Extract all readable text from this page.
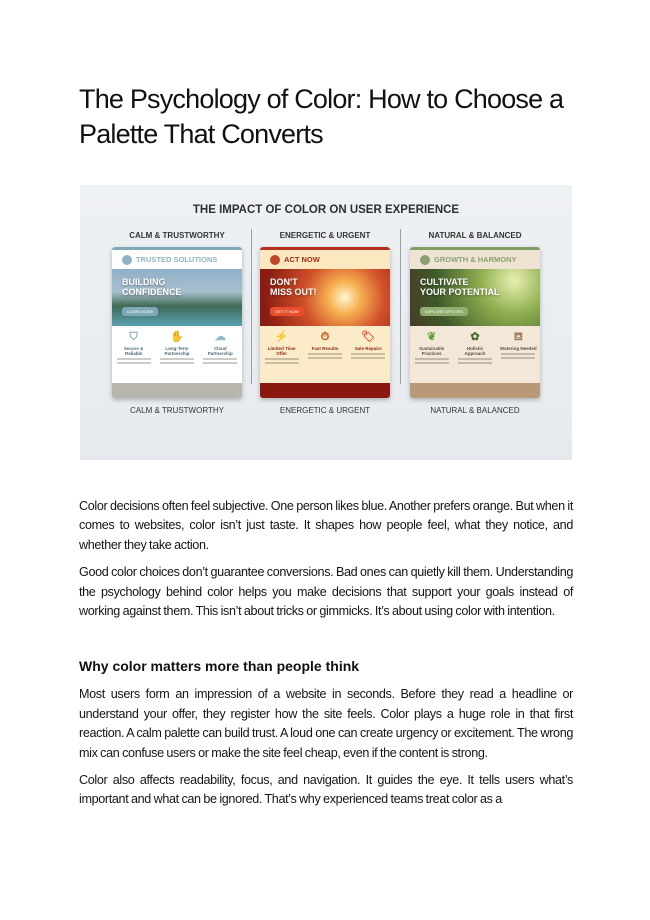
The Psychology of Color: How to Choose a Palette That Converts
THE IMPACT OF COLOR ON USER EXPERIENCE
CALM & TRUSTWORTHY	ENERGETIC & URGENT	NATURAL & BALANCED
TRUSTED SOLUTIONS
BUILDING
CONFIDENCE
LEARN MORE
⛉
Secure & Reliable
✋
Long-Term Partnership
☁
Cloud Partnership
ACT NOW
DON'T
MISS OUT!
GET IT NOW
⚡
Limited Time Offer
⏱
Fast Results
🏷
Sale Repairs
GROWTH & HARMONY
CULTIVATE
YOUR POTENTIAL
EXPLORE OPTIONS
❦
Sustainable Practices
✿
Holistic Approach
⛾
Watering Needed
CALM & TRUSTWORTHY	ENERGETIC & URGENT	NATURAL & BALANCED

Color decisions often feel subjective. One person likes blue. Another prefers orange. But when it comes to websites, color isn’t just taste. It shapes how people feel, what they notice, and whether they take action.

Good color choices don’t guarantee conversions. Bad ones can quietly kill them. Understanding the psychology behind color helps you make decisions that support your goals instead of working against them. This isn’t about tricks or gimmicks. It’s about using color with intention.

Why color matters more than people think

Most users form an impression of a website in seconds. Before they read a headline or understand your offer, they register how the site feels. Color plays a huge role in that first reaction. A calm palette can build trust. A loud one can create urgency or excitement. The wrong mix can confuse users or make the site feel cheap, even if the content is strong.

Color also affects readability, focus, and navigation. It guides the eye. It tells users what’s important and what can be ignored. That’s why experienced teams treat color as a
